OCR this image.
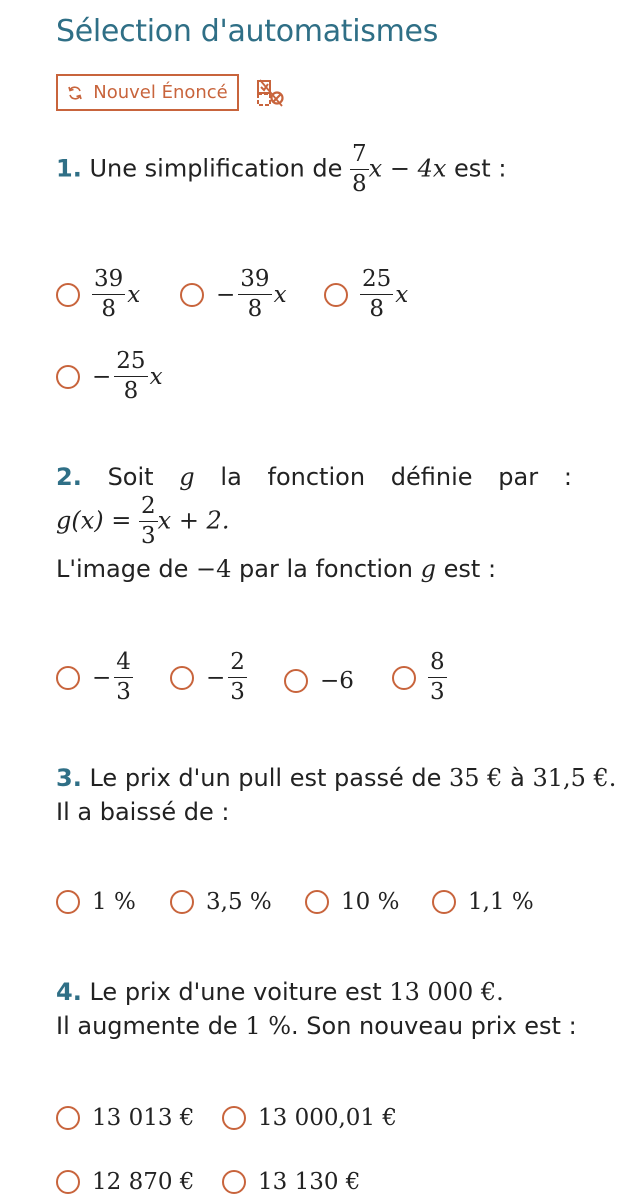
Sélection d'automatismes
Nouvel Énoncé
1. Une simplification de $\frac{7}{8}$ x − 4x est :
$\frac{39}{8}$ x	− $\frac{39}{8}$ x	$\frac{25}{8}$ x
− $\frac{25}{8}$ x
2. Soit g la fonction définie par :
$g(x) = \frac{2}{3}$ x + 2.
L'image de −4 par la fonction g est :
− $\frac{4}{3}$	− $\frac{2}{3}$	−6	$\frac{8}{3}$
3. Le prix d'un pull est passé de 35 € à 31,5 €.
Il a baissé de :
1 %	3,5 %	10 %	1,1 %
4. Le prix d'une voiture est 13 000 €.
Il augmente de 1 %. Son nouveau prix est :
13 013 €	13 000,01 €
12 870 €	13 130 €
